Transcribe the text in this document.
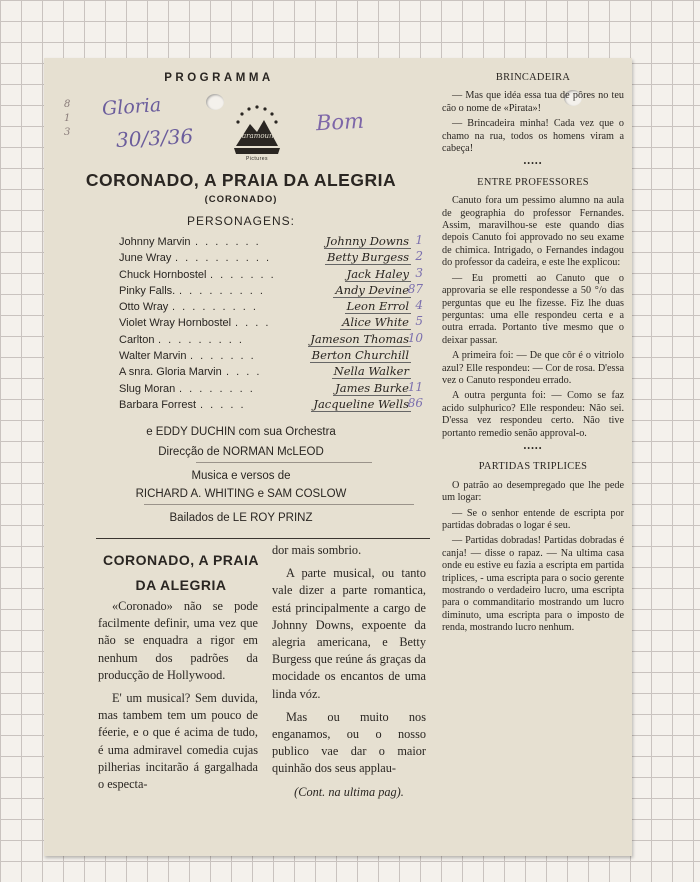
PROGRAMMA
Gloria
30/3/36
Bom
8 1 3	Paramount
Pictures
CORONADO, A PRAIA DA ALEGRIA
(CORONADO)
PERSONAGENS:
Johnny Marvin . . . . . . .	Johnny Downs 1
June Wray . . . . . . . . . .	Betty Burgess 2
Chuck Hornbostel . . . . . . .	Jack Haley 3
Pinky Falls. . . . . . . . . .	Andy Devine
87
Otto Wray . . . . . . . . .	Leon Errol 4
Violet Wray Hornbostel . . . .	Alice White 5
Carlton . . . . . . . . .	Jameson Thomas
10
Walter Marvin . . . . . . .	Berton Churchill
A snra. Gloria Marvin . . . .	Nella Walker
Slug Moran . . . . . . . .	James Burke
11
Barbara Forrest . . . . .	Jacqueline Wells
86
e EDDY DUCHIN com sua Orchestra
Direcção de NORMAN McLEOD
Musica e versos de
RICHARD A. WHITING e SAM COSLOW
Bailados de LE ROY PRINZ
CORONADO, A PRAIA
DA ALEGRIA

«Coronado» não se pode facilmente definir, uma vez que não se enquadra a rigor em nenhum dos padrões da producção de Hollywood.

E' um musical? Sem duvida, mas tambem tem um pouco de féerie, e o que é acima de tudo, é uma admiravel comedia cujas pilherias incitarão á gargalhada o especta-

dor mais sombrio.

A parte musical, ou tanto vale dizer a parte romantica, está principalmente a cargo de Johnny Downs, expoente da alegria americana, e Betty Burgess que reúne ás graças da mocidade os encantos de uma linda vóz.

Mas ou muito nos enganamos, ou o nosso publico vae dar o maior quinhão dos seus applau-

(Cont. na ultima pag).
BRINCADEIRA

— Mas que idéa essa tua de pôres no teu cão o nome de «Pirata»!

— Brincadeira minha! Cada vez que o chamo na rua, todos os homens viram a cabeça!

•••••
ENTRE PROFESSORES

Canuto fora um pessimo alumno na aula de geographia do professor Fernandes. Assim, maravilhou-se este quando dias depois Canuto foi approvado no seu exame de chimica. Intrigado, o Fernandes indagou do professor da cadeira, e este lhe explicou:

— Eu prometti ao Canuto que o approvaria se elle respondesse a 50 °/o das perguntas que eu lhe fizesse. Fiz lhe duas perguntas: uma elle respondeu certa e a outra errada. Portanto tive mesmo que o deixar passar.

A primeira foi: — De que côr é o vitriolo azul? Elle respondeu: — Cor de rosa. D'essa vez o Canuto respondeu errado.

A outra pergunta foi: — Como se faz acido sulphurico? Elle respondeu: Não sei. D'essa vez respondeu certo. Não tive portanto remedio senão approval-o.

•••••
PARTIDAS TRIPLICES

O patrão ao desempregado que lhe pede um logar:

— Se o senhor entende de escripta por partidas dobradas o logar é seu.

— Partidas dobradas! Partidas dobradas é canja! — disse o rapaz. — Na ultima casa onde eu estive eu fazia a escripta em partida triplices, - uma escripta para o socio gerente mostrando o verdadeiro lucro, uma escripta para o commanditario mostrando um lucro diminuto, uma escripta para o imposto de renda, mostrando lucro nenhum.
